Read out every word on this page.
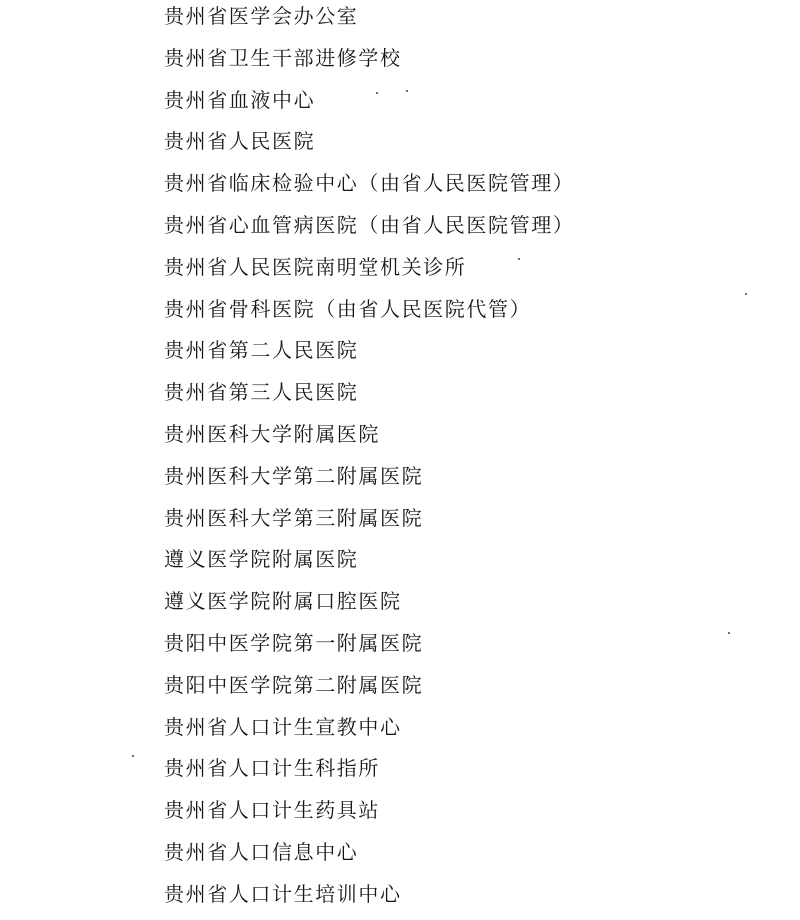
贵州省医学会办公室
贵州省卫生干部进修学校
贵州省血液中心
贵州省人民医院
贵州省临床检验中心（由省人民医院管理）
贵州省心血管病医院（由省人民医院管理）
贵州省人民医院南明堂机关诊所
贵州省骨科医院（由省人民医院代管）
贵州省第二人民医院
贵州省第三人民医院
贵州医科大学附属医院
贵州医科大学第二附属医院
贵州医科大学第三附属医院
遵义医学院附属医院
遵义医学院附属口腔医院
贵阳中医学院第一附属医院
贵阳中医学院第二附属医院
贵州省人口计生宣教中心
贵州省人口计生科指所
贵州省人口计生药具站
贵州省人口信息中心
贵州省人口计生培训中心
